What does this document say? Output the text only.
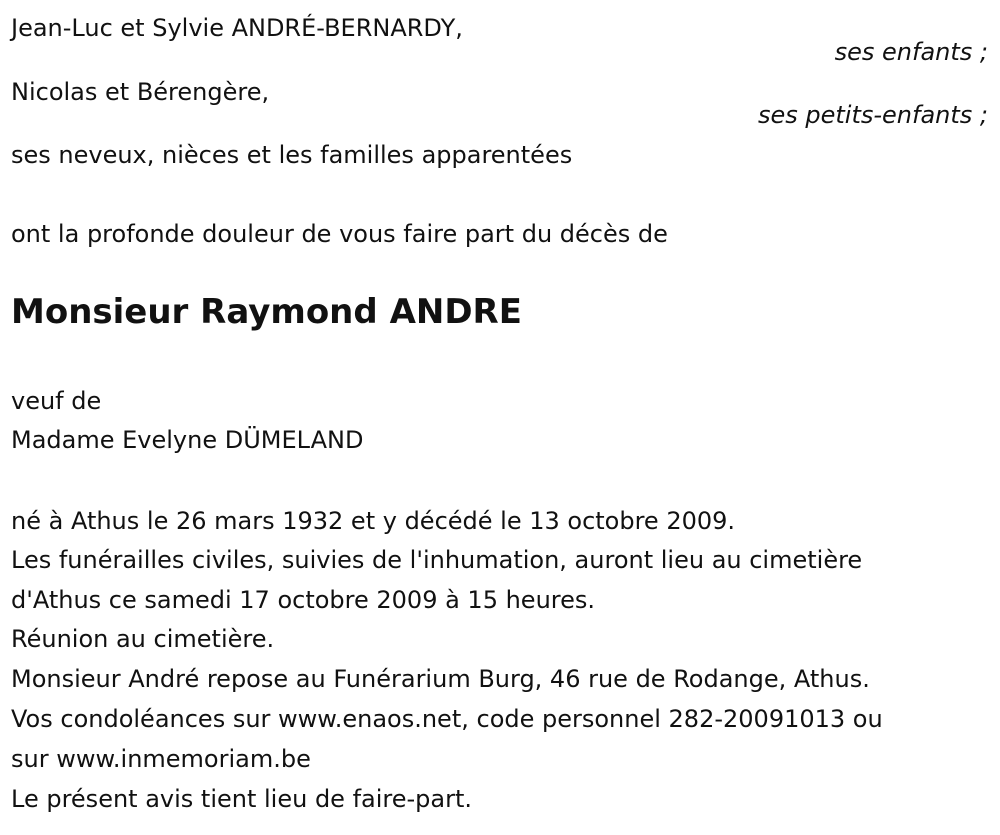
Jean-Luc et Sylvie ANDRÉ-BERNARDY,
ses enfants ;
Nicolas et Bérengère,
ses petits-enfants ;
ses neveux, nièces et les familles apparentées
ont la profonde douleur de vous faire part du décès de
Monsieur Raymond ANDRE
veuf de
Madame Evelyne DÜMELAND
né à Athus le 26 mars 1932 et y décédé le 13 octobre 2009.
Les funérailles civiles, suivies de l'inhumation, auront lieu au cimetière
d'Athus ce samedi 17 octobre 2009 à 15 heures.
Réunion au cimetière.
Monsieur André repose au Funérarium Burg, 46 rue de Rodange, Athus.
Vos condoléances sur www.enaos.net, code personnel 282-20091013 ou
sur www.inmemoriam.be
Le présent avis tient lieu de faire-part.
